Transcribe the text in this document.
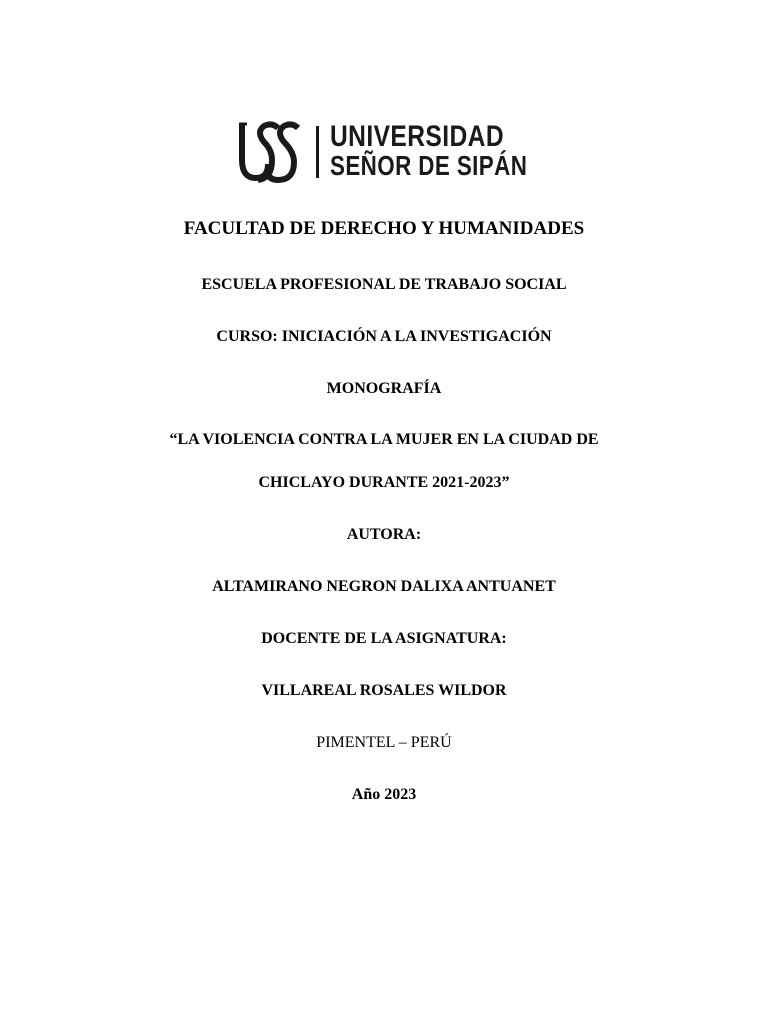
UNIVERSIDAD
SEÑOR DE SIPÁN
FACULTAD DE DERECHO Y HUMANIDADES
ESCUELA PROFESIONAL DE TRABAJO SOCIAL
CURSO: INICIACIÓN A LA INVESTIGACIÓN
MONOGRAFÍA
“LA VIOLENCIA CONTRA LA MUJER EN LA CIUDAD DE
CHICLAYO DURANTE 2021-2023”
AUTORA:
ALTAMIRANO NEGRON DALIXA ANTUANET
DOCENTE DE LA ASIGNATURA:
VILLAREAL ROSALES WILDOR
PIMENTEL – PERÚ
Año 2023
